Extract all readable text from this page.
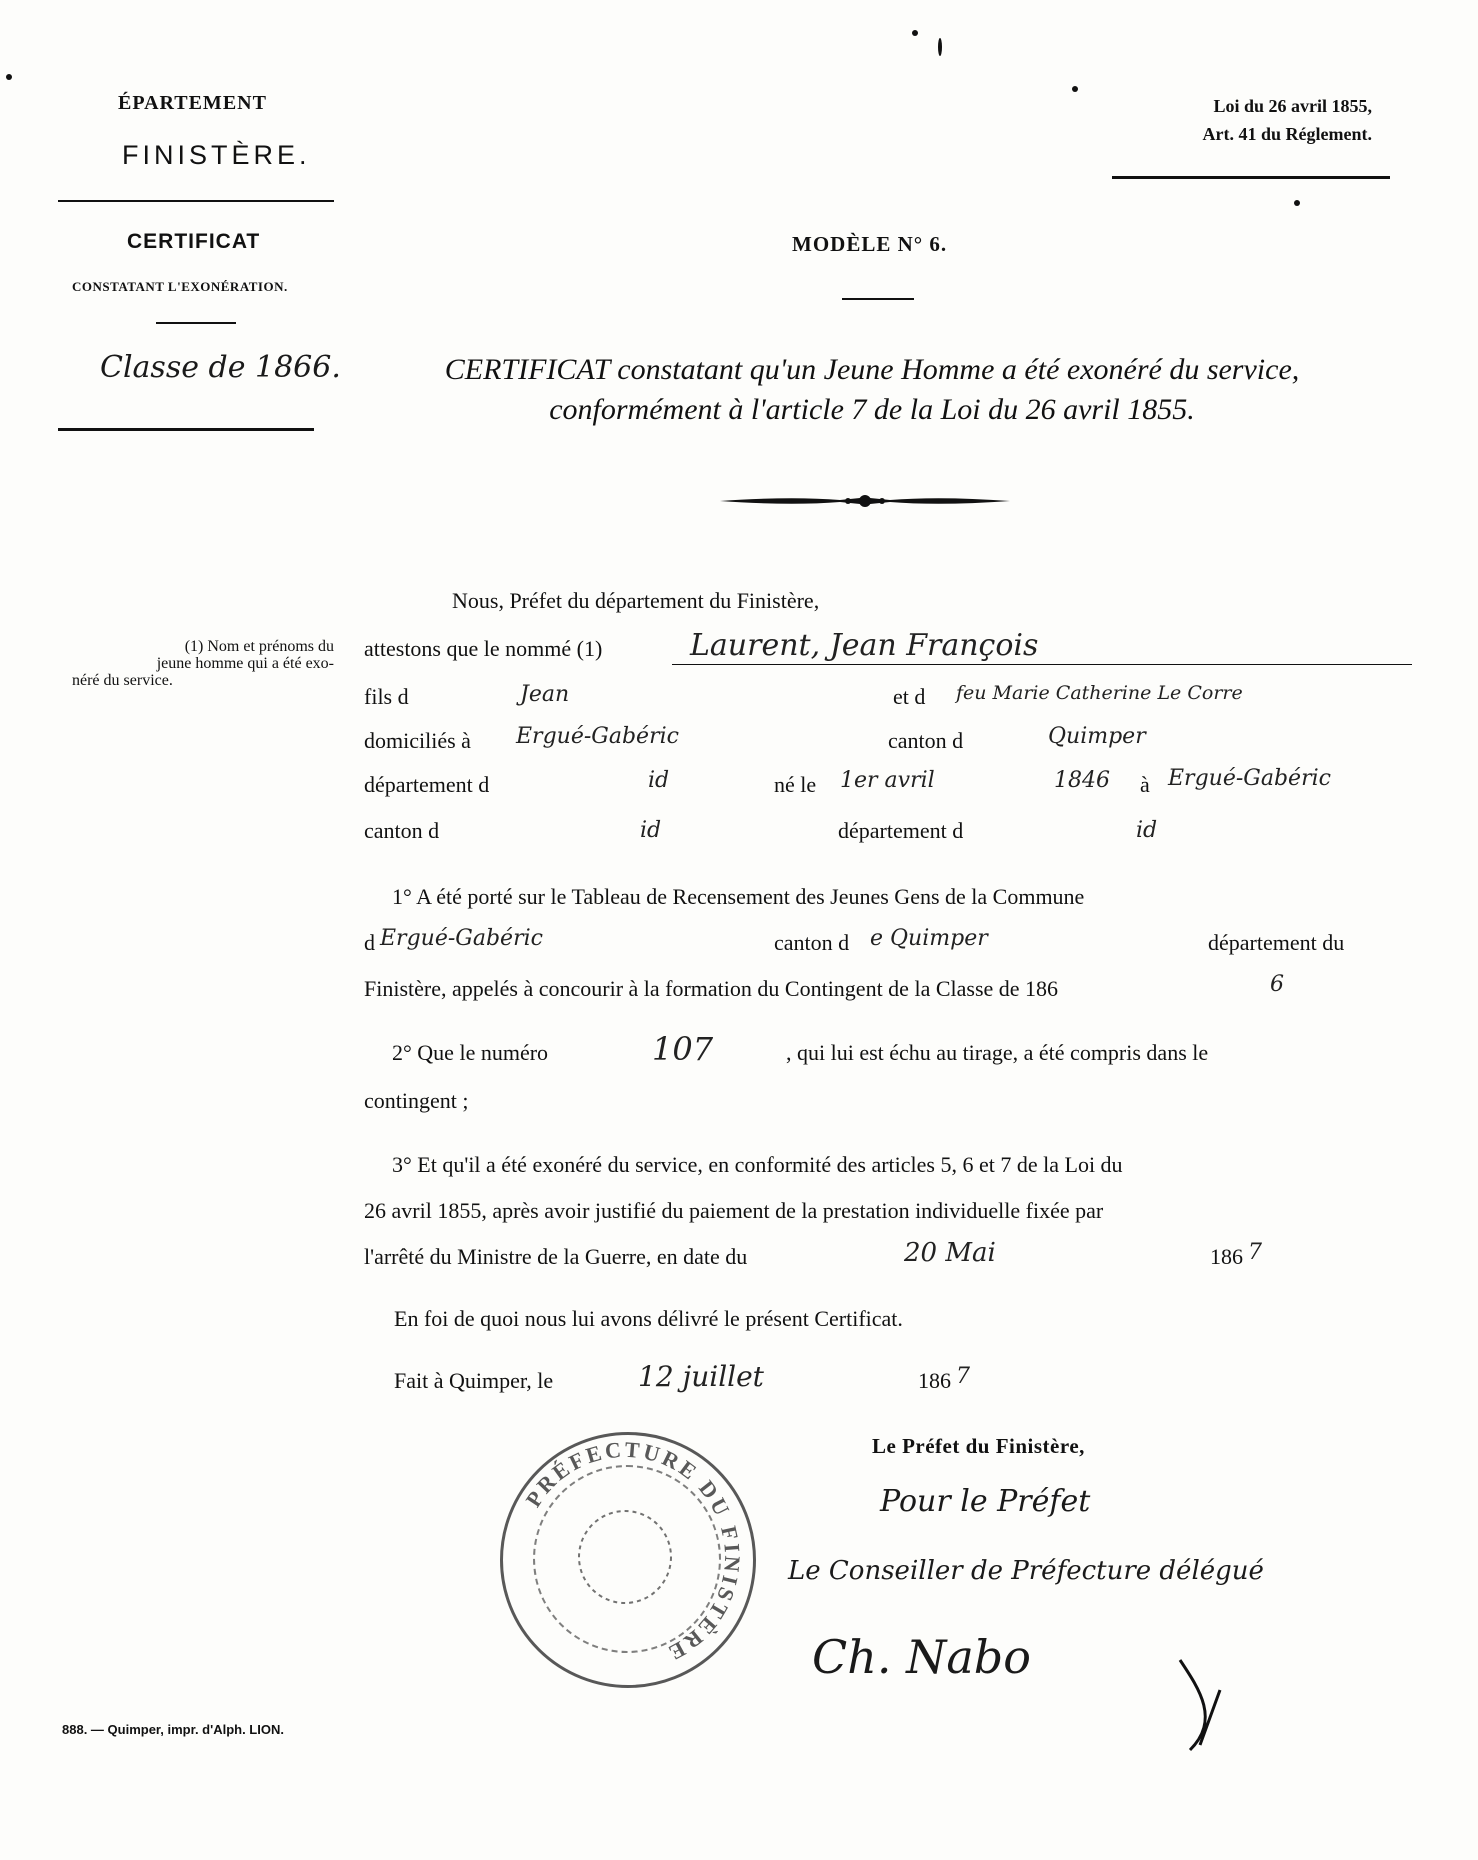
ÉPARTEMENT
FINISTÈRE.
CERTIFICAT
CONSTATANT L'EXONÉRATION.
Classe de 1866.
Loi du 26 avril 1855,
Art. 41 du Réglement.
MODÈLE N° 6.
CERTIFICAT constatant qu'un Jeune Homme a été exonéré du service,
conformément à l'article 7 de la Loi du 26 avril 1855.
(1) Nom et prénoms du
jeune homme qui a été exo-
néré du service.
Nous, Préfet du département du Finistère,
attestons que le nommé (1)	Laurent, Jean François
fils d	Jean	et d feu Marie Catherine Le Corre
domiciliés à Ergué-Gabéric	canton d	Quimper
département d	id	né le 1er avril	1846 à Ergué-Gabéric
canton d	id	département d	id
1° A été porté sur le Tableau de Recensement des Jeunes Gens de la Commune
d Ergué-Gabéric	canton d e Quimper	département du
Finistère, appelés à concourir à la formation du Contingent de la Classe de 186	6
2° Que le numéro	107	, qui lui est échu au tirage, a été compris dans le
contingent ;
3° Et qu'il a été exonéré du service, en conformité des articles 5, 6 et 7 de la Loi du
26 avril 1855, après avoir justifié du paiement de la prestation individuelle fixée par
l'arrêté du Ministre de la Guerre, en date du	20 Mai	186 7
En foi de quoi nous lui avons délivré le présent Certificat.
Fait à Quimper, le	12 juillet	186 7
Le Préfet du Finistère,
Pour le Préfet
Le Conseiller de Préfecture délégué
Ch. Nabo
PRÉFECTURE DU FINISTÈRE
888. — Quimper, impr. d'Alph. LION.
